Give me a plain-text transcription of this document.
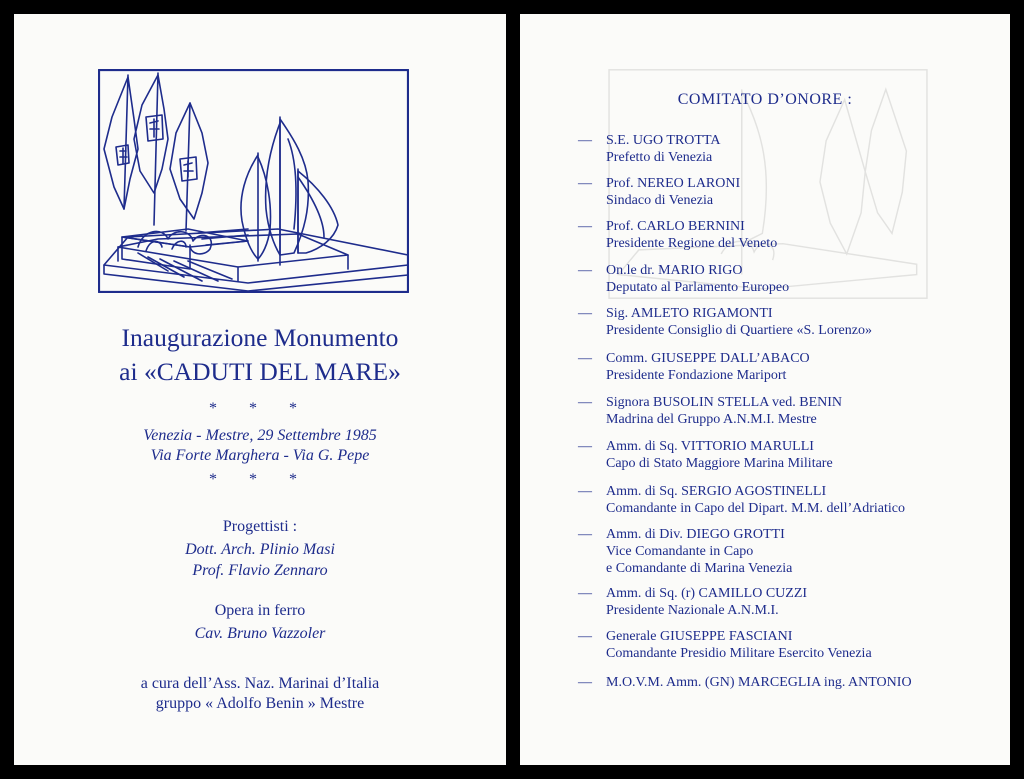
Inaugurazione Monumento
ai «CADUTI DEL MARE»
* * *
Venezia - Mestre, 29 Settembre 1985
Via Forte Marghera - Via G. Pepe
* * *
Progettisti :
Dott. Arch. Plinio Masi
Prof. Flavio Zennaro
Opera in ferro
Cav. Bruno Vazzoler
a cura dell’Ass. Naz. Marinai d’Italia
gruppo « Adolfo Benin » Mestre
COMITATO D’ONORE :
— S.E. UGO TROTTA
Prefetto di Venezia
— Prof. NEREO LARONI
Sindaco di Venezia
— Prof. CARLO BERNINI
Presidente Regione del Veneto
— On.le dr. MARIO RIGO
Deputato al Parlamento Europeo
— Sig. AMLETO RIGAMONTI
Presidente Consiglio di Quartiere «S. Lorenzo»
— Comm. GIUSEPPE DALL’ABACO
Presidente Fondazione Mariport
— Signora BUSOLIN STELLA ved. BENIN
Madrina del Gruppo A.N.M.I. Mestre
— Amm. di Sq. VITTORIO MARULLI
Capo di Stato Maggiore Marina Militare
— Amm. di Sq. SERGIO AGOSTINELLI
Comandante in Capo del Dipart. M.M. dell’Adriatico
— Amm. di Div. DIEGO GROTTI
Vice Comandante in Capo
e Comandante di Marina Venezia
— Amm. di Sq. (r) CAMILLO CUZZI
Presidente Nazionale A.N.M.I.
— Generale GIUSEPPE FASCIANI
Comandante Presidio Militare Esercito Venezia
— M.O.V.M. Amm. (GN) MARCEGLIA ing. ANTONIO
